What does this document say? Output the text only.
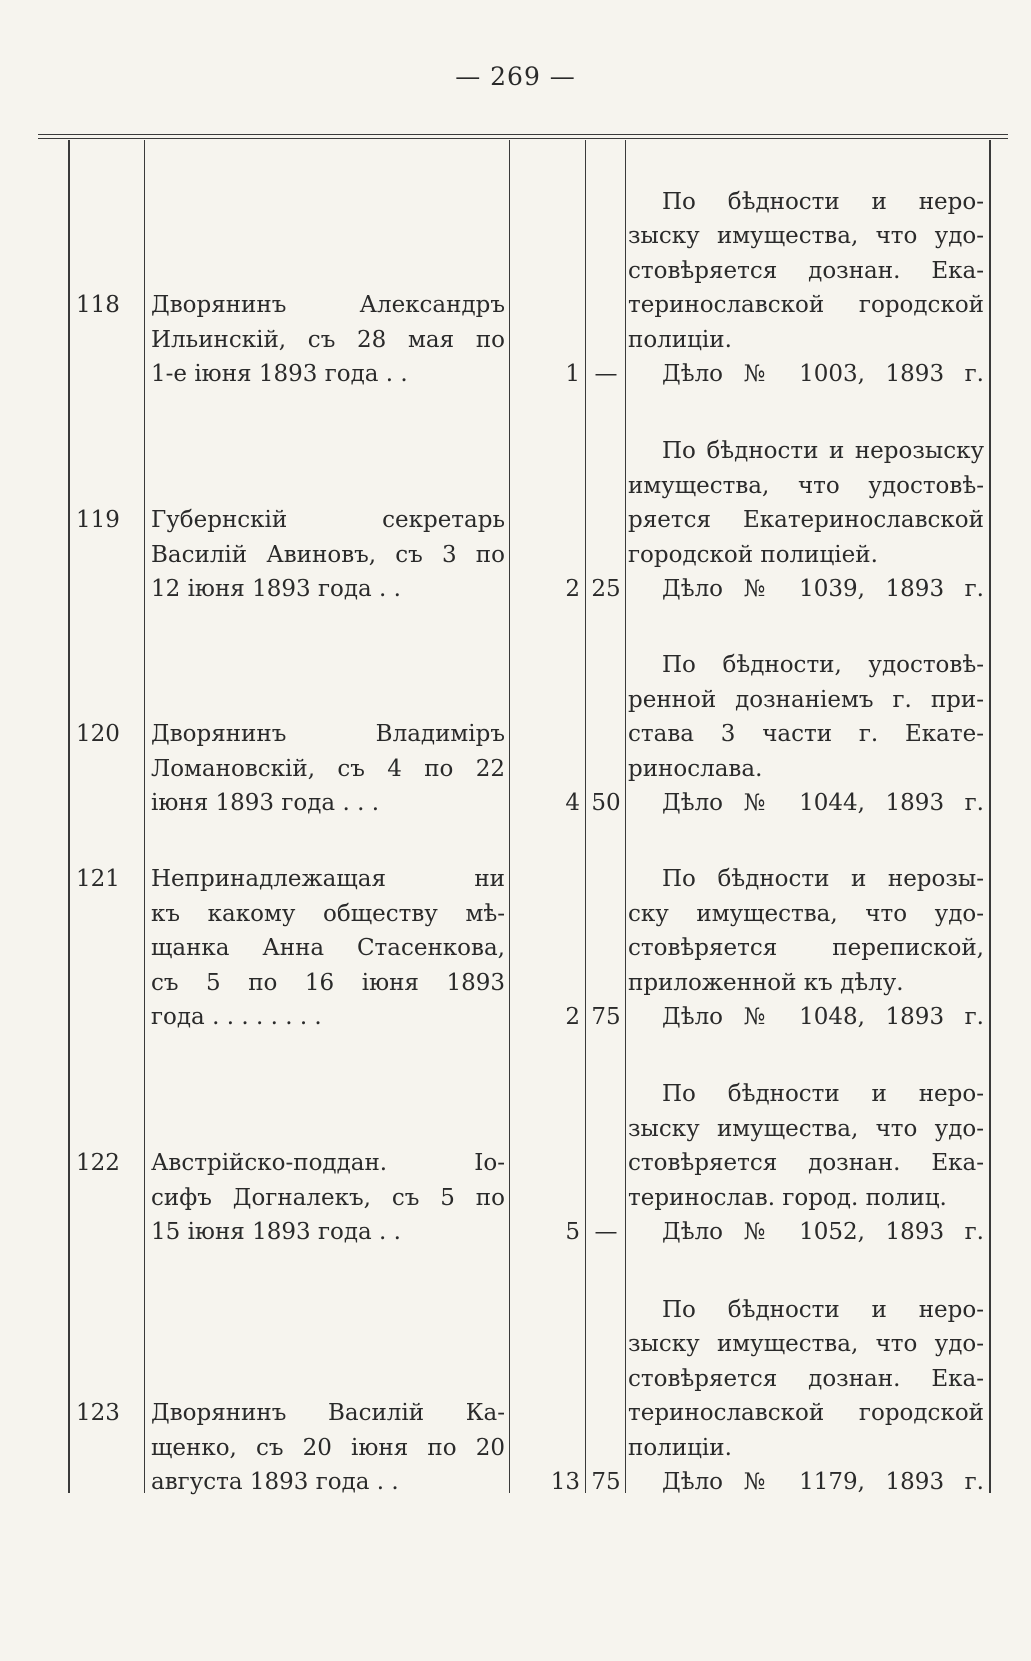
— 269 —
118	Дворянинъ Александръ
Ильинскій, съ 28 мая по
1-е іюня 1893 года . .	1 —
По бѣдности и неро-
зыску имущества, что удо-
стовѣряется дознан. Ека-
теринославской городской
полиціи.
Дѣло № 1003, 1893 г.
119	Губернскій секретарь
Василій Авиновъ, съ 3 по
12 іюня 1893 года . .	2 25
По бѣдности и нерозыску
имущества, что удостовѣ-
ряется Екатеринославской
городской полиціей.
Дѣло № 1039, 1893 г.
120	Дворянинъ Владиміръ
Ломановскій, съ 4 по 22
іюня 1893 года . . .	4 50
По бѣдности, удостовѣ-
ренной дознаніемъ г. при-
става 3 части г. Екате-
ринослава.
Дѣло № 1044, 1893 г.
121	Непринадлежащая ни
къ какому обществу мѣ-
щанка Анна Стасенкова,
съ 5 по 16 іюня 1893
года . . . . . . . .	2 75
По бѣдности и нерозы-
ску имущества, что удо-
стовѣряется перепиской,
приложенной къ дѣлу.
Дѣло № 1048, 1893 г.
122	Австрійско-поддан. Іо-
сифъ Догналекъ, съ 5 по
15 іюня 1893 года . .	5 —
По бѣдности и неро-
зыску имущества, что удо-
стовѣряется дознан. Ека-
теринослав. город. полиц.
Дѣло № 1052, 1893 г.
123	Дворянинъ Василій Ка-
щенко, съ 20 іюня по 20
августа 1893 года . .	13 75
По бѣдности и неро-
зыску имущества, что удо-
стовѣряется дознан. Ека-
теринославской городской
полиціи.
Дѣло № 1179, 1893 г.
